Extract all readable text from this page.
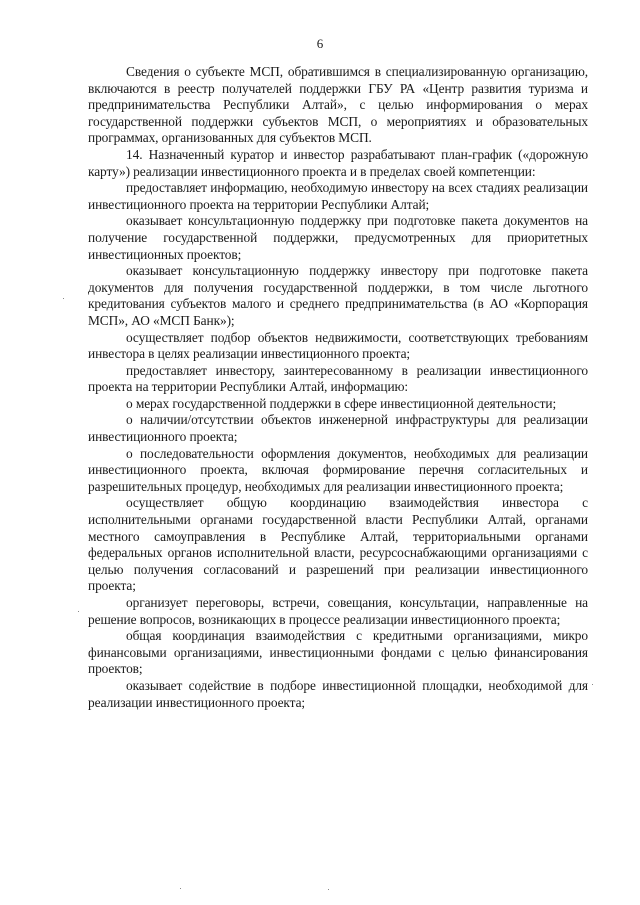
6

Сведения о субъекте МСП, обратившимся в специализированную организацию, включаются в реестр получателей поддержки ГБУ РА «Центр развития туризма и предпринимательства Республики Алтай», с целью информирования о мерах государственной поддержки субъектов МСП, о мероприятиях и образовательных программах, организованных для субъектов МСП.

14. Назначенный куратор и инвестор разрабатывают план-график («дорожную карту») реализации инвестиционного проекта и в пределах своей компетенции:

предоставляет информацию, необходимую инвестору на всех стадиях реализации инвестиционного проекта на территории Республики Алтай;

оказывает консультационную поддержку при подготовке пакета документов на получение государственной поддержки, предусмотренных для приоритетных инвестиционных проектов;

оказывает консультационную поддержку инвестору при подготовке пакета документов для получения государственной поддержки, в том числе льготного кредитования субъектов малого и среднего предпринимательства (в АО «Корпорация МСП», АО «МСП Банк»);

осуществляет подбор объектов недвижимости, соответствующих требованиям инвестора в целях реализации инвестиционного проекта;

предоставляет инвестору, заинтересованному в реализации инвестиционного проекта на территории Республики Алтай, информацию:

о мерах государственной поддержки в сфере инвестиционной деятельности;

о наличии/отсутствии объектов инженерной инфраструктуры для реализации инвестиционного проекта;

о последовательности оформления документов, необходимых для реализации инвестиционного проекта, включая формирование перечня согласительных и разрешительных процедур, необходимых для реализации инвестиционного проекта;

осуществляет общую координацию взаимодействия инвестора с исполнительными органами государственной власти Республики Алтай, органами местного самоуправления в Республике Алтай, территориальными органами федеральных органов исполнительной власти, ресурсоснабжающими организациями с целью получения согласований и разрешений при реализации инвестиционного проекта;

организует переговоры, встречи, совещания, консультации, направленные на решение вопросов, возникающих в процессе реализации инвестиционного проекта;

общая координация взаимодействия с кредитными организациями, микро финансовыми организациями, инвестиционными фондами с целью финансирования проектов;

оказывает содействие в подборе инвестиционной площадки, необходимой для реализации инвестиционного проекта;
